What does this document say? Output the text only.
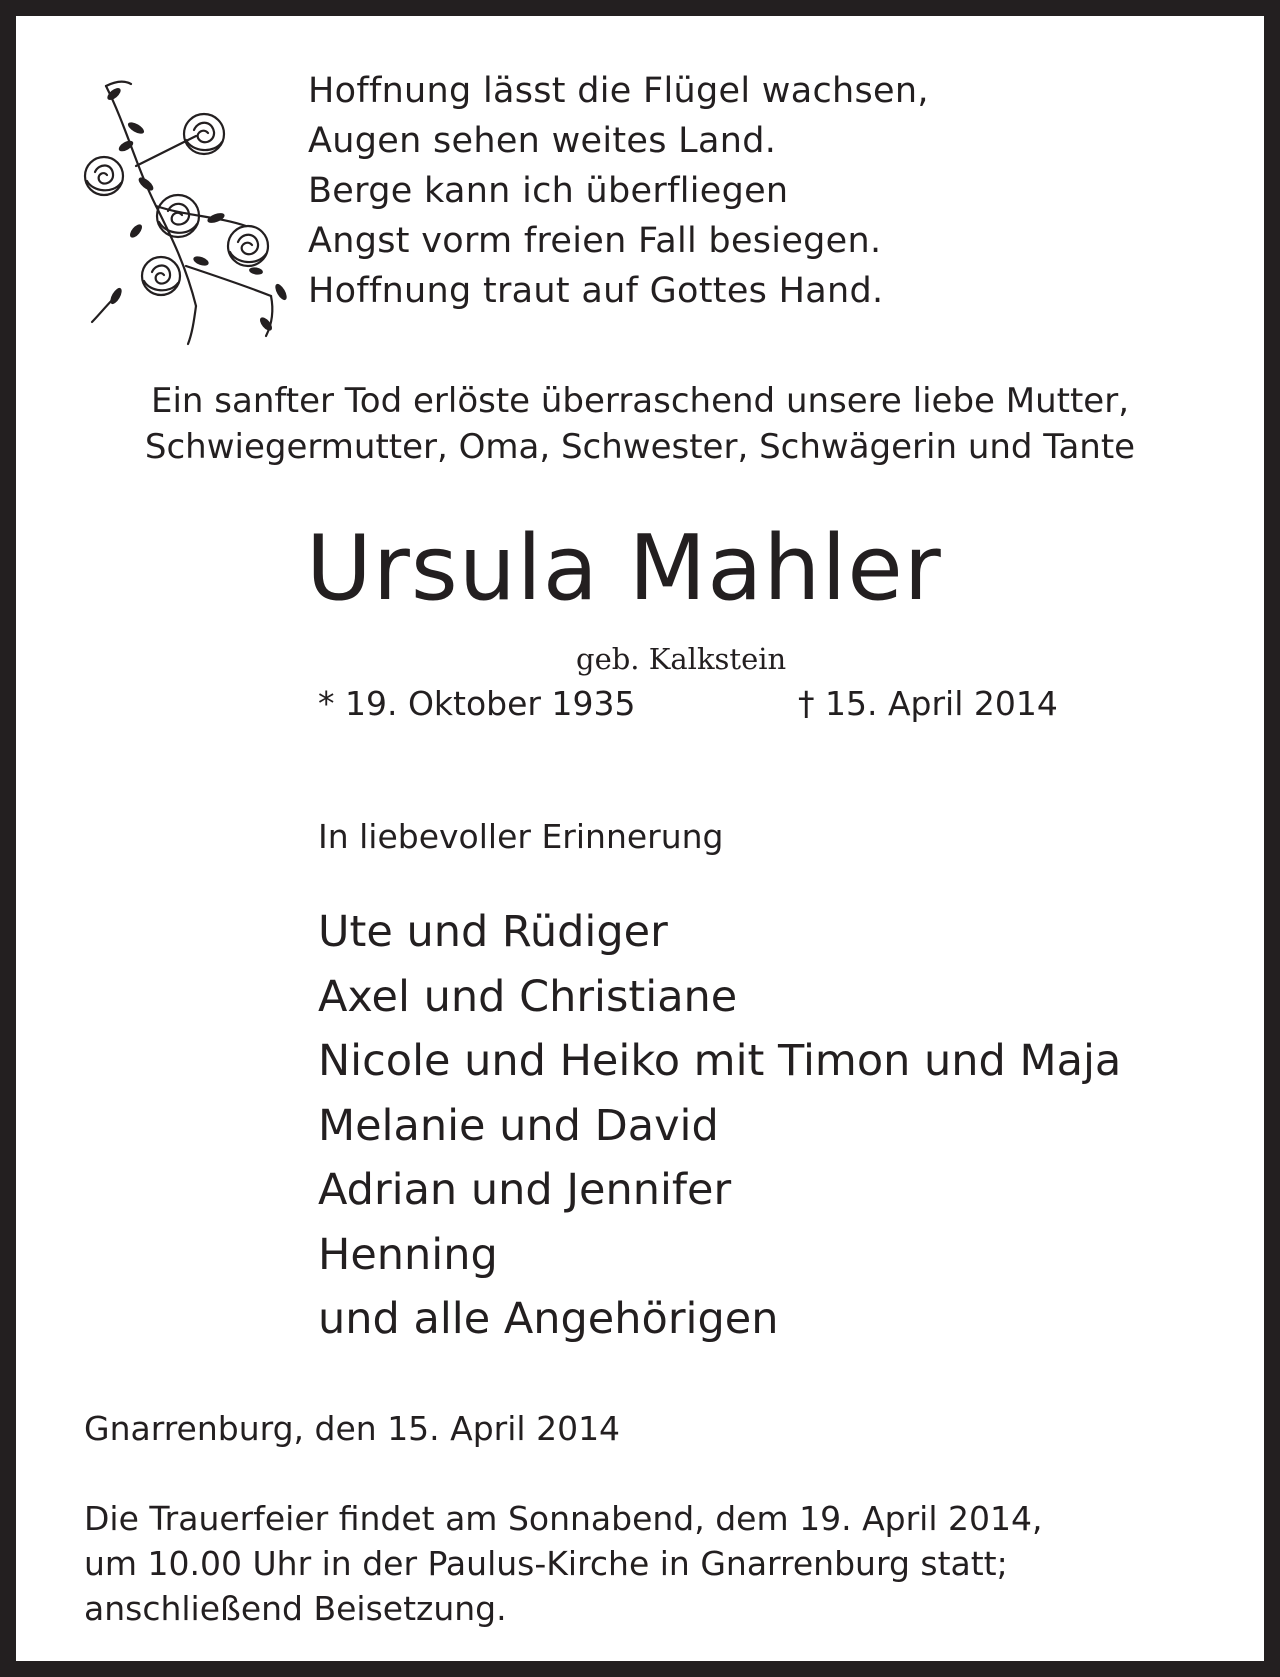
Hoffnung lässt die Flügel wachsen,
Augen sehen weites Land.
Berge kann ich überfliegen
Angst vorm freien Fall besiegen.
Hoffnung traut auf Gottes Hand.
Ein sanfter Tod erlöste überraschend unsere liebe Mutter,
Schwiegermutter, Oma, Schwester, Schwägerin und Tante
Ursula Mahler
geb. Kalkstein
* 19. Oktober 1935	† 15. April 2014
In liebevoller Erinnerung
Ute und Rüdiger
Axel und Christiane
Nicole und Heiko mit Timon und Maja
Melanie und David
Adrian und Jennifer
Henning
und alle Angehörigen
Gnarrenburg, den 15. April 2014
Die Trauerfeier findet am Sonnabend, dem 19. April 2014,
um 10.00 Uhr in der Paulus-Kirche in Gnarrenburg statt;
anschließend Beisetzung.
